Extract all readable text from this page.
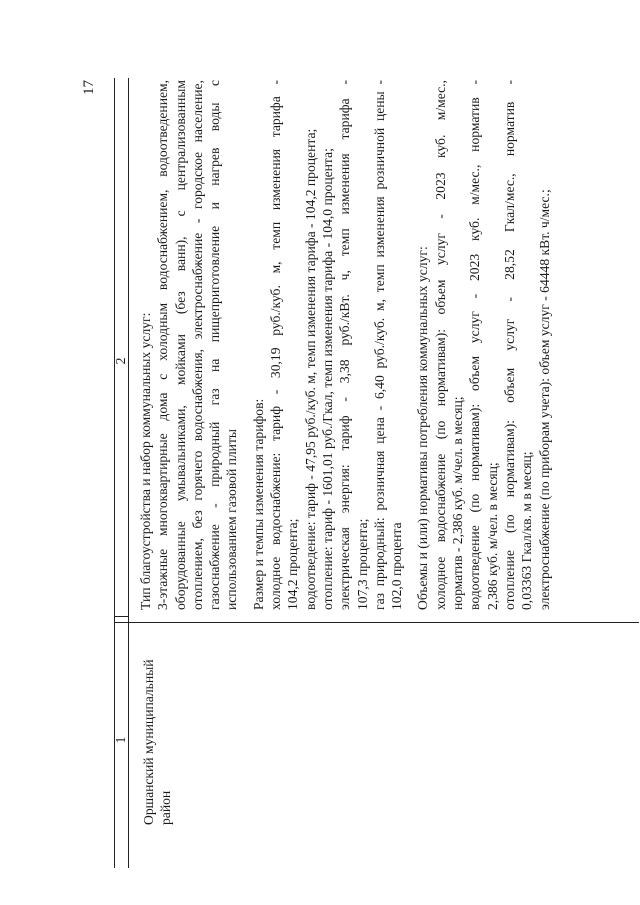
17
1
2

Оршанский муниципальный район

Тип благоустройства и набор коммунальных услуг: 3-этажные многоквартирные дома с холодным водоснабжением, водоотведением, оборудованные умывальниками, мойками (без ванн), с централизованным отоплением, без горячего водоснабжения, электроснабжение - городское население, газоснабжение - природный газ на пищеприготовление и нагрев воды с использованием газовой плиты Размер и темпы изменения тарифов: холодное водоснабжение: тариф - 30,19 руб./куб. м, темп изменения тарифа - 104,2 процента; водоотведение: тариф - 47,95 руб./куб. м, темп изменения тарифа - 104,2 процента; отопление: тариф - 1601,01 руб./Гкал, темп изменения тарифа - 104,0 процента; электрическая энергия: тариф - 3,38 руб./кВт. ч, темп изменения тарифа - 107,3 процента; газ природный: розничная цена - 6,40 руб./куб. м, темп изменения розничной цены - 102,0 процента Объемы и (или) нормативы потребления коммунальных услуг: холодное водоснабжение (по нормативам): объем услуг - 2023 куб. м/мес., норматив - 2,386 куб. м/чел. в месяц; водоотведение (по нормативам): объем услуг - 2023 куб. м/мес., норматив - 2,386 куб. м/чел. в месяц; отопление (по нормативам): объем услуг - 28,52 Гкал/мес., норматив - 0,03363 Гкал/кв. м в месяц; электроснабжение (по приборам учета): объем услуг - 64448 кВт. ч/мес.;
